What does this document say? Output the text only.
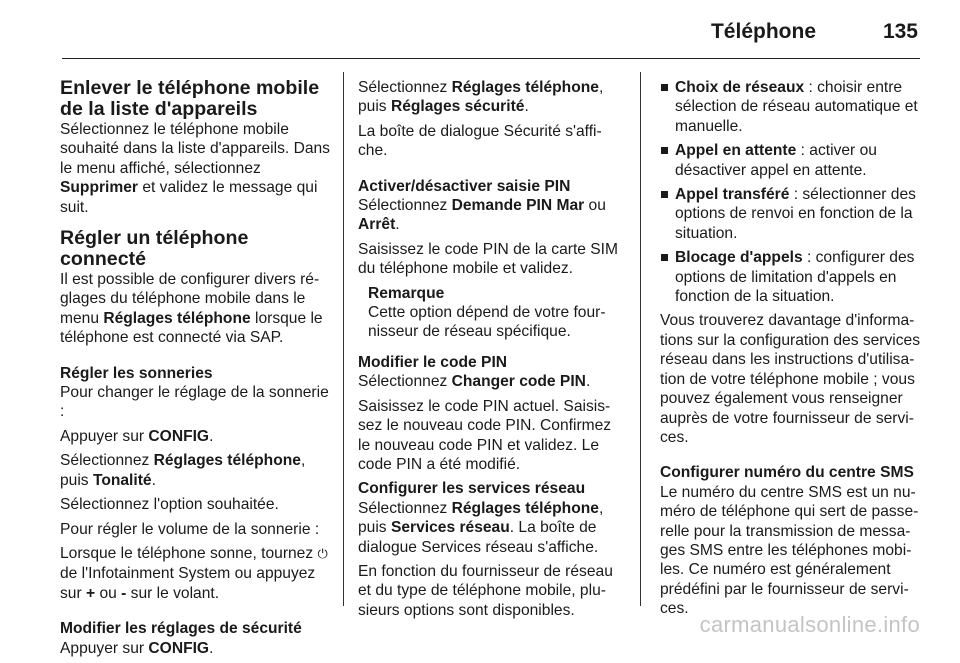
Téléphone	135
Enlever le téléphone mobile de la liste d'appareils

Sélectionnez le téléphone mobile souhaité dans la liste d'appareils. Dans le menu affiché, sélectionnez Supprimer et validez le message qui suit.

Régler un téléphone connecté

Il est possible de configurer divers réglages du téléphone mobile dans le menu Réglages téléphone lorsque le téléphone est connecté via SAP.

Régler les sonneries

Pour changer le réglage de la sonnerie :

Appuyer sur CONFIG.

Sélectionnez Réglages téléphone, puis Tonalité.

Sélectionnez l'option souhaitée.

Pour régler le volume de la sonnerie :

Lorsque le téléphone sonne, tournez ⏻ de l'Infotainment System ou appuyez sur + ou - sur le volant.

Modifier les réglages de sécurité

Appuyer sur CONFIG.

Sélectionnez Réglages téléphone, puis Réglages sécurité.

La boîte de dialogue Sécurité s'affiche.

Activer/désactiver saisie PIN

Sélectionnez Demande PIN Mar ou Arrêt.

Saisissez le code PIN de la carte SIM du téléphone mobile et validez.

Remarque

Cette option dépend de votre fournisseur de réseau spécifique.

Modifier le code PIN

Sélectionnez Changer code PIN.

Saisissez le code PIN actuel. Saisissez le nouveau code PIN. Confirmez le nouveau code PIN et validez. Le code PIN a été modifié.

Configurer les services réseau

Sélectionnez Réglages téléphone, puis Services réseau. La boîte de dialogue Services réseau s'affiche.

En fonction du fournisseur de réseau et du type de téléphone mobile, plusieurs options sont disponibles.

Choix de réseaux : choisir entre sélection de réseau automatique et manuelle.
Appel en attente : activer ou désactiver appel en attente.
Appel transféré : sélectionner des options de renvoi en fonction de la situation.
Blocage d'appels : configurer des options de limitation d'appels en fonction de la situation.

Vous trouverez davantage d'informations sur la configuration des services réseau dans les instructions d'utilisation de votre téléphone mobile ; vous pouvez également vous renseigner auprès de votre fournisseur de services.

Configurer numéro du centre SMS

Le numéro du centre SMS est un numéro de téléphone qui sert de passerelle pour la transmission de messages SMS entre les téléphones mobiles. Ce numéro est généralement prédéfini par le fournisseur de services.

carmanualsonline.info
